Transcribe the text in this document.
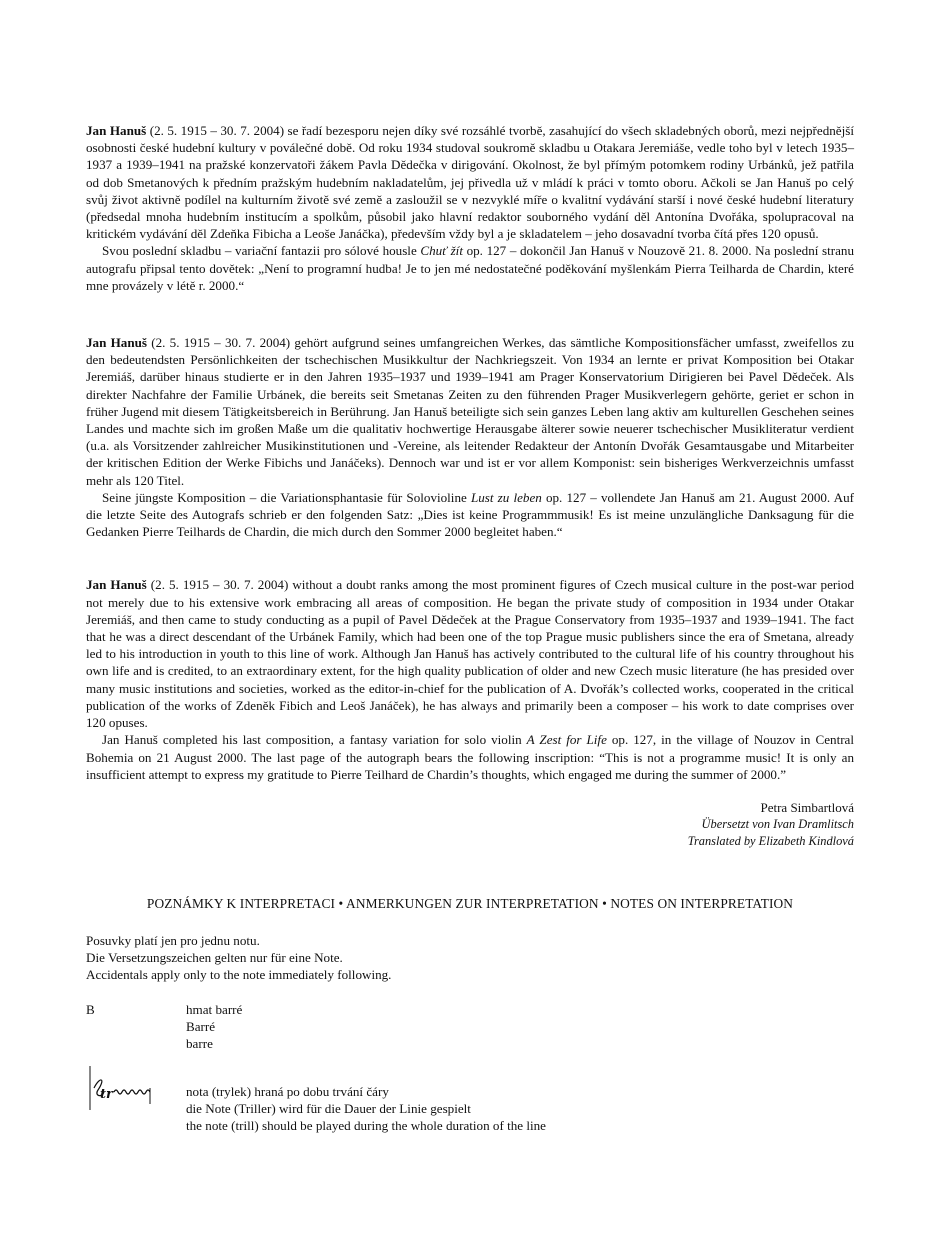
Jan Hanuš (2. 5. 1915 – 30. 7. 2004) se řadí bezesporu nejen díky své rozsáhlé tvorbě, zasahující do všech skladebných oborů, mezi nejpřednější osobnosti české hudební kultury v poválečné době. Od roku 1934 studoval soukromě skladbu u Otakara Jeremiáše, vedle toho byl v letech 1935–1937 a 1939–1941 na pražské konzervatoři žákem Pavla Dědečka v dirigování. Okolnost, že byl přímým potomkem rodiny Urbánků, jež patřila od dob Smetanových k předním pražským hudebním nakladatelům, jej přivedla už v mládí k práci v tomto oboru. Ačkoli se Jan Hanuš po celý svůj život aktivně podílel na kulturním životě své země a zasloužil se v nezvyklé míře o kvalitní vydávání starší i nové české hudební literatury (předsedal mnoha hudebním institucím a spolkům, působil jako hlavní redaktor souborného vydání děl Antonína Dvořáka, spolupracoval na kritickém vydávání děl Zdeňka Fibicha a Leoše Janáčka), především vždy byl a je skladatelem – jeho dosavadní tvorba čítá přes 120 opusů.

Svou poslední skladbu – variační fantazii pro sólové housle Chuť žít op. 127 – dokončil Jan Hanuš v Nouzově 21. 8. 2000. Na poslední stranu autografu připsal tento dovětek: „Není to programní hudba! Je to jen mé nedostatečné poděkování myšlenkám Pierra Teilharda de Chardin, které mne provázely v létě r. 2000.“

Jan Hanuš (2. 5. 1915 – 30. 7. 2004) gehört aufgrund seines umfangreichen Werkes, das sämtliche Kompositionsfächer umfasst, zweifellos zu den bedeutendsten Persönlichkeiten der tschechischen Musikkultur der Nachkriegszeit. Von 1934 an lernte er privat Komposition bei Otakar Jeremiáš, darüber hinaus studierte er in den Jahren 1935–1937 und 1939–1941 am Prager Konservatorium Dirigieren bei Pavel Dědeček. Als direkter Nachfahre der Familie Urbánek, die bereits seit Smetanas Zeiten zu den führenden Prager Musikverlegern gehörte, geriet er schon in früher Jugend mit diesem Tätigkeitsbereich in Berührung. Jan Hanuš beteiligte sich sein ganzes Leben lang aktiv am kulturellen Geschehen seines Landes und machte sich im großen Maße um die qualitativ hochwertige Herausgabe älterer sowie neuerer tschechischer Musikliteratur verdient (u.a. als Vorsitzender zahlreicher Musikinstitutionen und -Vereine, als leitender Redakteur der Antonín Dvořák Gesamtausgabe und Mitarbeiter der kritischen Edition der Werke Fibichs und Janáčeks). Dennoch war und ist er vor allem Komponist: sein bisheriges Werkverzeichnis umfasst mehr als 120 Titel.

Seine jüngste Komposition – die Variationsphantasie für Solovioline Lust zu leben op. 127 – vollendete Jan Hanuš am 21. August 2000. Auf die letzte Seite des Autografs schrieb er den folgenden Satz: „Dies ist keine Programmmusik! Es ist meine unzulängliche Danksagung für die Gedanken Pierre Teilhards de Chardin, die mich durch den Sommer 2000 begleitet haben.“

Jan Hanuš (2. 5. 1915 – 30. 7. 2004) without a doubt ranks among the most prominent figures of Czech musical culture in the post-war period not merely due to his extensive work embracing all areas of composition. He began the private study of composition in 1934 under Otakar Jeremiáš, and then came to study conducting as a pupil of Pavel Dědeček at the Prague Conservatory from 1935–1937 and 1939–1941. The fact that he was a direct descendant of the Urbánek Family, which had been one of the top Prague music publishers since the era of Smetana, already led to his introduction in youth to this line of work. Although Jan Hanuš has actively contributed to the cultural life of his country throughout his own life and is credited, to an extraordinary extent, for the high quality publication of older and new Czech music literature (he has presided over many music institutions and societies, worked as the editor-in-chief for the publication of A. Dvořák’s collected works, cooperated in the critical publication of the works of Zdeněk Fibich and Leoš Janáček), he has always and primarily been a composer – his work to date comprises over 120 opuses.

Jan Hanuš completed his last composition, a fantasy variation for solo violin A Zest for Life op. 127, in the village of Nouzov in Central Bohemia on 21 August 2000. The last page of the autograph bears the following inscription: “This is not a programme music! It is only an insufficient attempt to express my gratitude to Pierre Teilhard de Chardin’s thoughts, which engaged me during the summer of 2000.”

Petra Simbartlová
Übersetzt von Ivan Dramlitsch
Translated by Elizabeth Kindlová
POZNÁMKY K INTERPRETACI • ANMERKUNGEN ZUR INTERPRETATION • NOTES ON INTERPRETATION
Posuvky platí jen pro jednu notu.
Die Versetzungszeichen gelten nur für eine Note.
Accidentals apply only to the note immediately following.
B	hmat barré
Barré
barre
tr	nota (trylek) hraná po dobu trvání čáry
die Note (Triller) wird für die Dauer der Linie gespielt
the note (trill) should be played during the whole duration of the line
